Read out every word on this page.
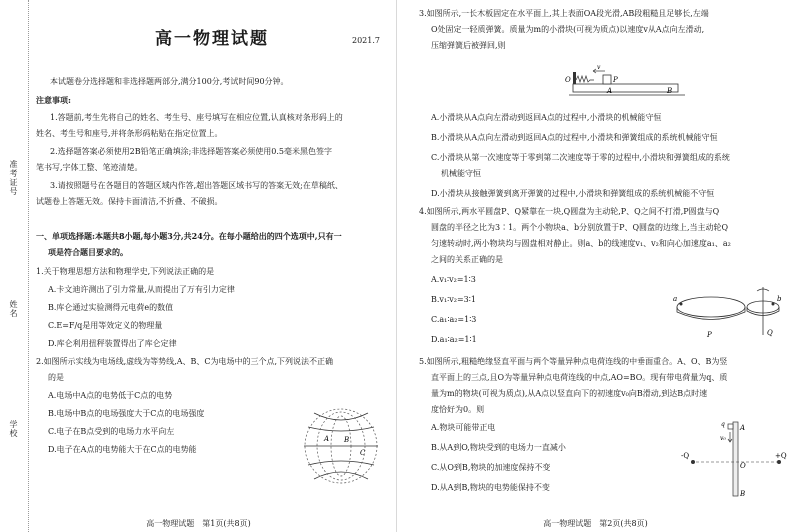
准考证号
姓名
学校
高一物理试题	2021.7

本试题卷分选择题和非选择题两部分,满分100分,考试时间90分钟。

注意事项:

1.答题前,考生先将自己的姓名、考生号、座号填写在相应位置,认真核对条形码上的

姓名、考生号和座号,并将条形码粘贴在指定位置上。

2.选择题答案必须使用2B铅笔正确填涂;非选择题答案必须使用0.5毫米黑色签字

笔书写,字体工整、笔迹清楚。

3.请按照题号在各题目的答题区域内作答,超出答题区域书写的答案无效;在草稿纸、

试题卷上答题无效。保持卡面清洁,不折叠、不破损。

一、单项选择题:本题共8小题,每小题3分,共24分。在每小题给出的四个选项中,只有一

项是符合题目要求的。

1.关于物理思想方法和物理学史,下列说法正确的是

A.卡文迪许测出了引力常量,从而提出了万有引力定律

B.库仑通过实验测得元电荷e的数值

C.E=F/q是用等效定义的物理量

D.库仑利用扭秤装置得出了库仑定律

2.如图所示实线为电场线,虚线为等势线,A、B、C为电场中的三个点,下列说法不正确

的是

A.电场中A点的电势低于C点的电势

B.电场中B点的电场强度大于C点的电场强度

C.电子在B点受到的电场力水平向左

D.电子在A点的电势能大于在C点的电势能

A B
C
高一物理试题　第1页(共8页)

3.如图所示,一长木板固定在水平面上,其上表面OA段光滑,AB段粗糙且足够长,左端

O处固定一轻质弹簧。质量为m的小滑块(可视为质点)以速度v从A点向左滑动,

压缩弹簧后被弹回,则

A.小滑块从A点向左滑动到返回A点的过程中,小滑块的机械能守恒

B.小滑块从A点向左滑动到返回A点的过程中,小滑块和弹簧组成的系统机械能守恒

C.小滑块从第一次速度等于零到第二次速度等于零的过程中,小滑块和弹簧组成的系统

机械能守恒

D.小滑块从接触弹簧到离开弹簧的过程中,小滑块和弹簧组成的系统机械能不守恒

4.如图所示,两水平圆盘P、Q紧靠在一块,Q圆盘为主动轮,P、Q之间不打滑,P圆盘与Q

圆盘的半径之比为3∶1。两个小物块a、b分别放置于P、Q圆盘的边缘上,当主动轮Q

匀速转动时,两小物块均与圆盘相对静止。则a、b的线速度v₁、v₂和向心加速度a₁、a₂

之间的关系正确的是

A.v₁∶v₂=1∶3

B.v₁∶v₂=3∶1

C.a₁∶a₂=1∶3

D.a₁∶a₂=1∶1

5.如图所示,粗糙绝缘竖直平面与两个等量异种点电荷连线的中垂面重合。A、O、B为竖

直平面上的三点,且O为等量异种点电荷连线的中点,AO=BO。现有带电荷量为q、质

量为m的物块(可视为质点),从A点以竖直向下的初速度v₀向B滑动,到达B点时速

度恰好为0。则

A.物块可能带正电

B.从A到O,物块受到的电场力一直减小

C.从O到B,物块的加速度保持不变

D.从A到B,物块的电势能保持不变

O
A	B
v
P
a	b
P	Q
-Q	+Q
O
A
B
q
v₀
高一物理试题　第2页(共8页)
